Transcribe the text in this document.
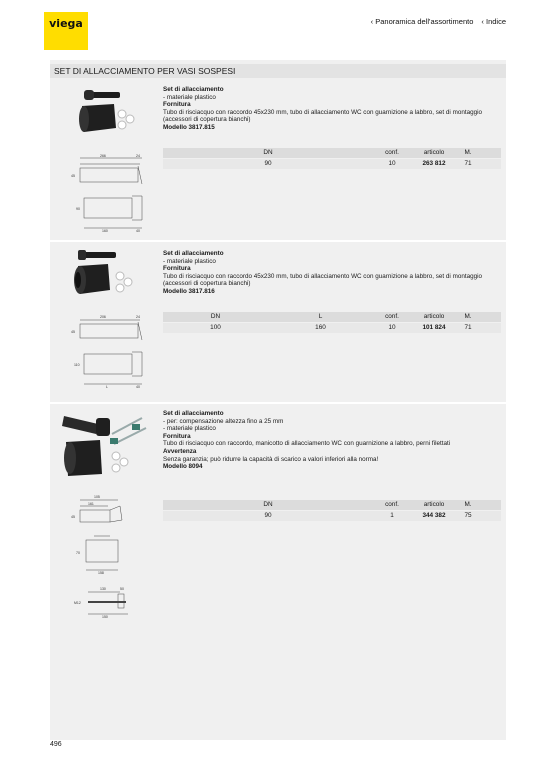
viega	‹ Panoramica dell'assortimento ‹ Indice
SET DI ALLACCIAMENTO PER VASI SOSPESI
266	24
45
90
160	40
Set di allacciamento
- materiale plastico
Fornitura
Tubo di risciacquo con raccordo 45x230 mm, tubo di allacciamento WC con guarnizione a labbro, set di montaggio (accessori di copertura bianchi)
Modello 3817.815
DN	conf.	articolo	M.
90	10	263 812	71
206	24
45
110
L	40
Set di allacciamento
- materiale plastico
Fornitura
Tubo di risciacquo con raccordo 45x230 mm, tubo di allacciamento WC con guarnizione a labbro, set di montaggio (accessori di copertura bianchi)
Modello 3817.816
DN	L	conf.	articolo	M.
100	160	10	101 824	71
105
161
45
70
158
M12
130	50
150
Set di allacciamento
- per: compensazione altezza fino a 25 mm
- materiale plastico
Fornitura
Tubo di risciacquo con raccordo, manicotto di allacciamento WC con guarnizione a labbro, perni filettati
Avvertenza
Senza garanzia; può ridurre la capacità di scarico a valori inferiori alla norma!
Modello 8094
DN	conf.	articolo	M.
90	1	344 382	75
496
